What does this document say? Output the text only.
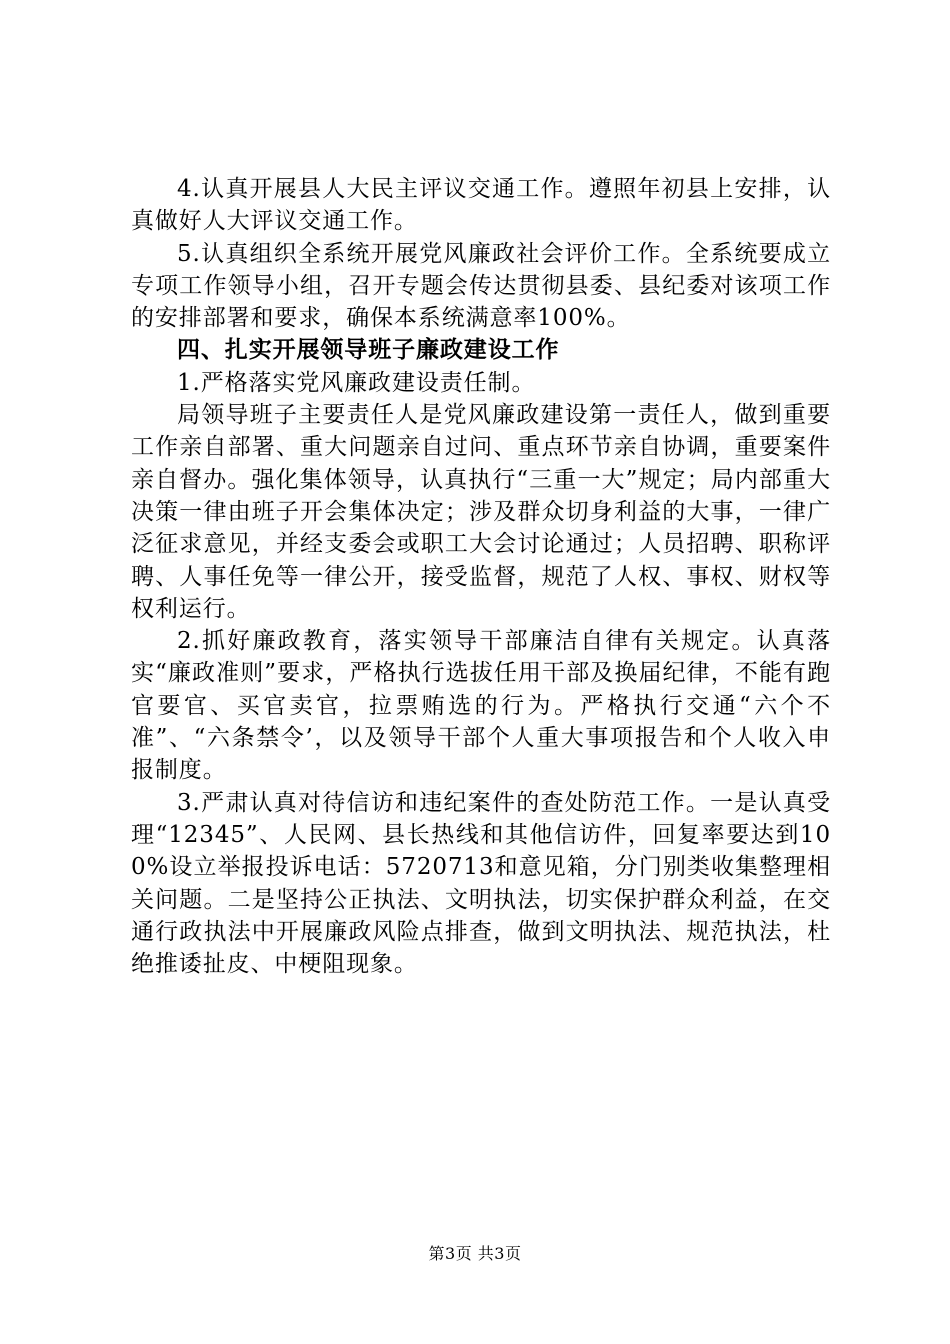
4.认真开展县人大民主评议交通工作。遵照年初县上安排，认真做好人大评议交通工作。

5.认真组织全系统开展党风廉政社会评价工作。全系统要成立专项工作领导小组，召开专题会传达贯彻县委、县纪委对该项工作的安排部署和要求，确保本系统满意率100%。

四、扎实开展领导班子廉政建设工作

1.严格落实党风廉政建设责任制。

局领导班子主要责任人是党风廉政建设第一责任人，做到重要工作亲自部署、重大问题亲自过问、重点环节亲自协调，重要案件亲自督办。强化集体领导，认真执行“三重一大”规定；局内部重大决策一律由班子开会集体决定；涉及群众切身利益的大事，一律广泛征求意见，并经支委会或职工大会讨论通过；人员招聘、职称评聘、人事任免等一律公开，接受监督，规范了人权、事权、财权等权利运行。

2.抓好廉政教育，落实领导干部廉洁自律有关规定。认真落实“廉政准则”要求，严格执行选拔任用干部及换届纪律，不能有跑官要官、买官卖官，拉票贿选的行为。严格执行交通“六个不准”、“六条禁令’，以及领导干部个人重大事项报告和个人收入申报制度。

3.严肃认真对待信访和违纪案件的查处防范工作。一是认真受理“12345”、人民网、县长热线和其他信访件，回复率要达到100%设立举报投诉电话：5720713和意见箱，分门别类收集整理相关问题。二是坚持公正执法、文明执法，切实保护群众利益，在交通行政执法中开展廉政风险点排查，做到文明执法、规范执法，杜绝推诿扯皮、中梗阻现象。

第3页 共3页
